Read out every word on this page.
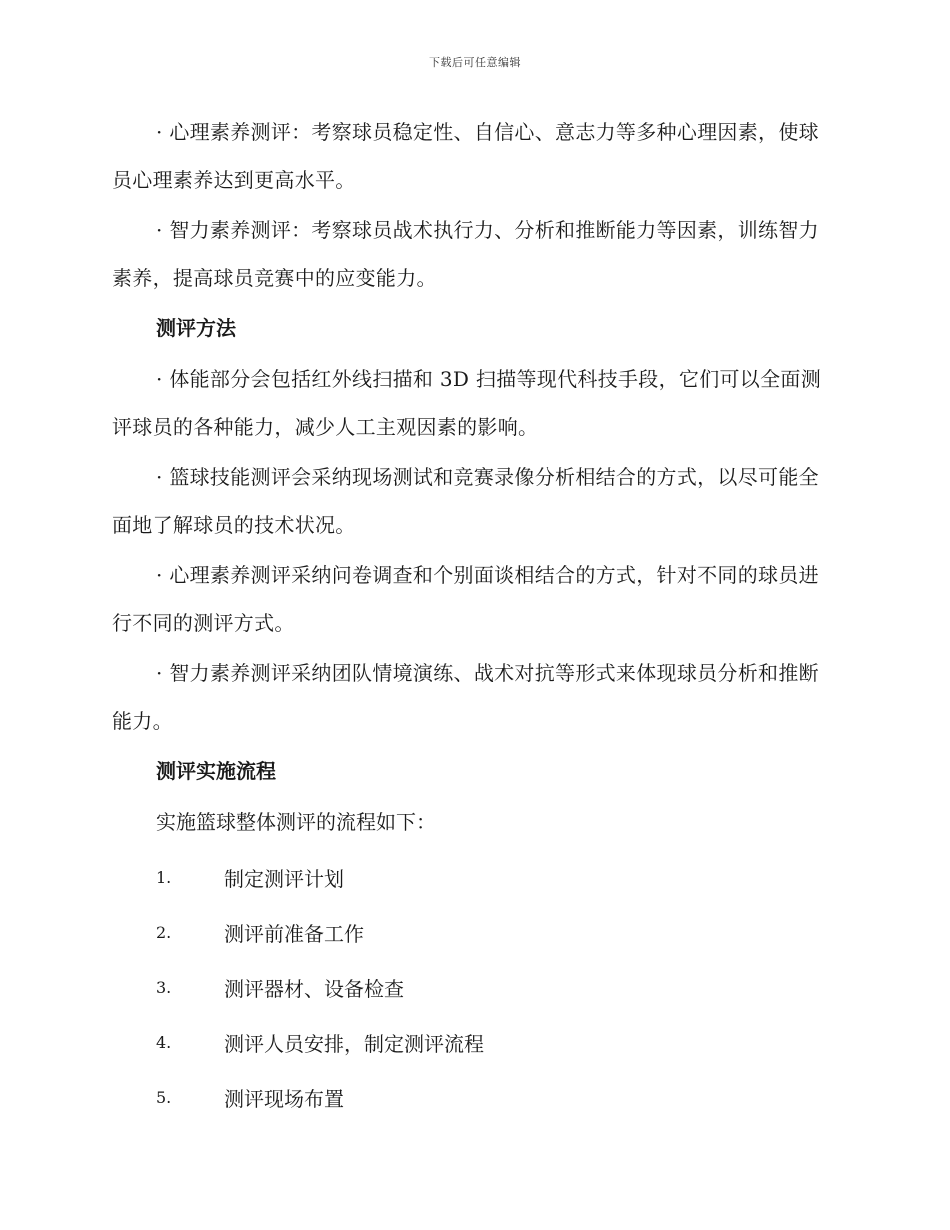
下载后可任意编辑

· 心理素养测评：考察球员稳定性、自信心、意志力等多种心理因素，使球员心理素养达到更高水平。

· 智力素养测评：考察球员战术执行力、分析和推断能力等因素，训练智力素养，提高球员竞赛中的应变能力。

测评方法

· 体能部分会包括红外线扫描和 3D 扫描等现代科技手段，它们可以全面测评球员的各种能力，减少人工主观因素的影响。

· 篮球技能测评会采纳现场测试和竞赛录像分析相结合的方式，以尽可能全面地了解球员的技术状况。

· 心理素养测评采纳问卷调查和个别面谈相结合的方式，针对不同的球员进行不同的测评方式。

· 智力素养测评采纳团队情境演练、战术对抗等形式来体现球员分析和推断能力。

测评实施流程
实施篮球整体测评的流程如下：
1.	制定测评计划
2.	测评前准备工作
3.	测评器材、设备检查
4.	测评人员安排，制定测评流程
5.	测评现场布置
